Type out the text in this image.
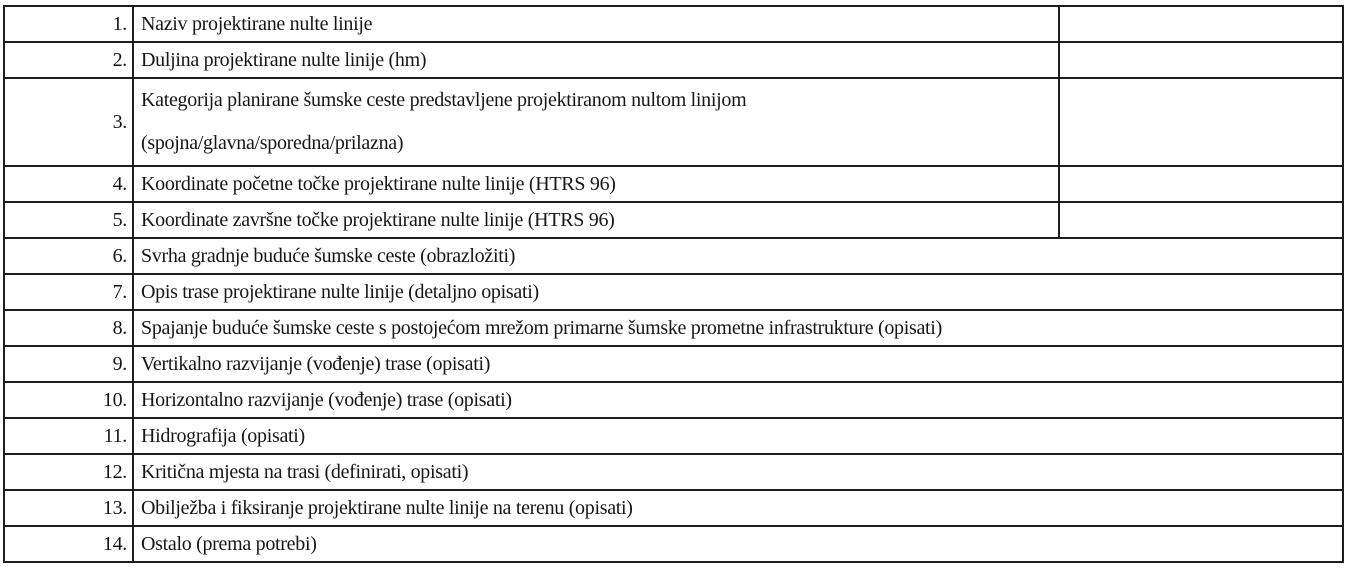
1.	Naziv projektirane nulte linije	

2.	Duljina projektirane nulte linije (hm)	

3.	Kategorija planirane šumske ceste predstavljene projektiranom nultom linijom
(spojna/glavna/sporedna/prilazna)	

4.	Koordinate početne točke projektirane nulte linije (HTRS 96)	

5.	Koordinate završne točke projektirane nulte linije (HTRS 96)	

6.	Svrha gradnje buduće šumske ceste (obrazložiti)	

7.	Opis trase projektirane nulte linije (detaljno opisati)	

8.	Spajanje buduće šumske ceste s postojećom mrežom primarne šumske prometne infrastrukture (opisati)	

9.	Vertikalno razvijanje (vođenje) trase (opisati)	

10.	Horizontalno razvijanje (vođenje) trase (opisati)	

11.	Hidrografija (opisati)	

12.	Kritična mjesta na trasi (definirati, opisati)	

13.	Obilježba i fiksiranje projektirane nulte linije na terenu (opisati)	

14.	Ostalo (prema potrebi)	
